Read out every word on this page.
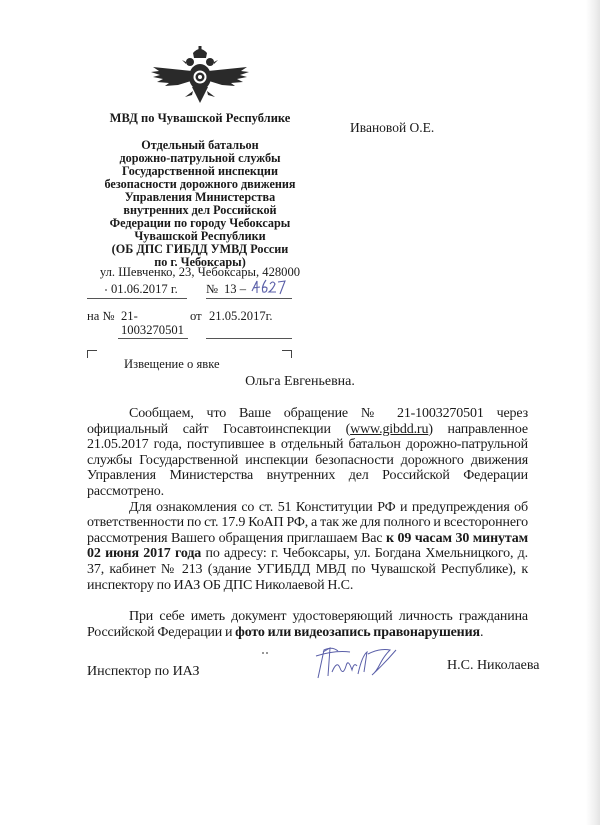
МВД по Чувашской Республике
Отдельный батальон
дорожно-патрульной службы
Государственной инспекции
безопасности дорожного движения
Управления Министерства
внутренних дел Российской
Федерации по городу Чебоксары
Чувашской Республики
(ОБ ДПС ГИБДД УМВД России
по г. Чебоксары)
ул. Шевченко, 23, Чебоксары, 428000
01.06.2017 г. № 13 –
на № 21-
1003270501
от 21.05.2017г.
Ивановой О.Е.
Извещение о явке
Ольга Евгеньевна.
Сообщаем, что Ваше обращение № 21-1003270501 через официальный сайт Госавтоинспекции (www.gibdd.ru) направленное 21.05.2017 года, поступившее в отдельный батальон дорожно-патрульной службы Государственной инспекции безопасности дорожного движения Управления Министерства внутренних дел Российской Федерации рассмотрено.
Для ознакомления со ст. 51 Конституции РФ и предупреждения об ответственности по ст. 17.9 КоАП РФ, а так же для полного и всестороннего рассмотрения Вашего обращения приглашаем Вас к 09 часам 30 минутам 02 июня 2017 года по адресу: г. Чебоксары, ул. Богдана Хмельницкого, д. 37, кабинет № 213 (здание УГИБДД МВД по Чувашской Республике), к инспектору по ИАЗ ОБ ДПС Николаевой Н.С.
При себе иметь документ удостоверяющий личность гражданина Российской Федерации и фото или видеозапись правонарушения.
Инспектор по ИАЗ	Н.С. Николаева
